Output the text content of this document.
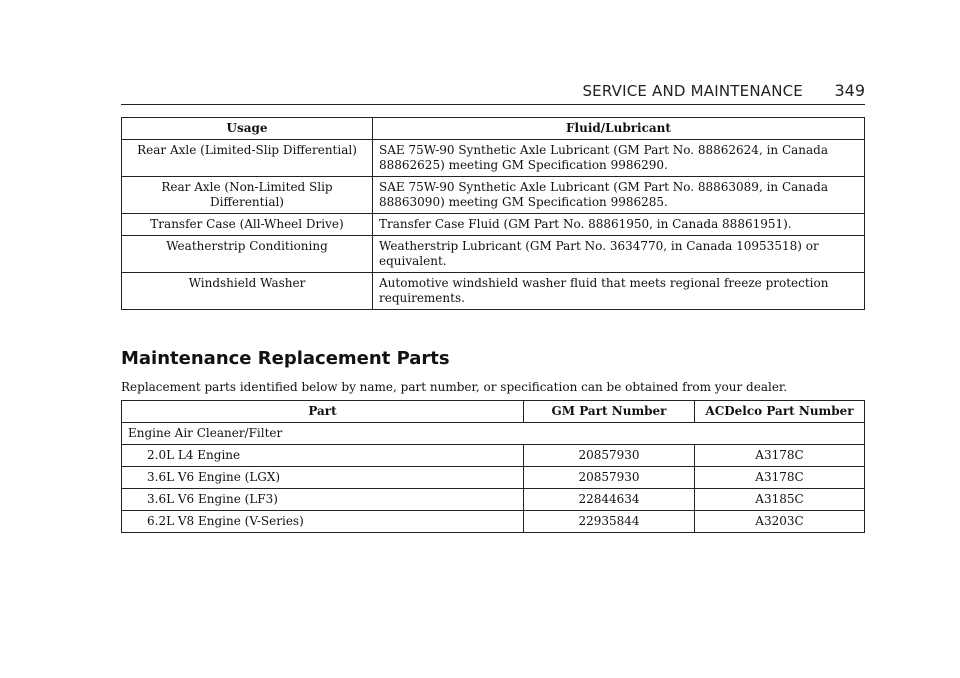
SERVICE AND MAINTENANCE 349
Usage	Fluid/Lubricant
Rear Axle (Limited-Slip Differential)	SAE 75W-90 Synthetic Axle Lubricant (GM Part No. 88862624, in Canada 88862625) meeting GM Specification 9986290.
Rear Axle (Non-Limited Slip Differential)	SAE 75W-90 Synthetic Axle Lubricant (GM Part No. 88863089, in Canada 88863090) meeting GM Specification 9986285.
Transfer Case (All-Wheel Drive)	Transfer Case Fluid (GM Part No. 88861950, in Canada 88861951).
Weatherstrip Conditioning	Weatherstrip Lubricant (GM Part No. 3634770, in Canada 10953518) or equivalent.
Windshield Washer	Automotive windshield washer fluid that meets regional freeze protection requirements.
Maintenance Replacement Parts

Replacement parts identified below by name, part number, or specification can be obtained from your dealer.

Part	GM Part Number	ACDelco Part Number
Engine Air Cleaner/Filter		
2.0L L4 Engine	20857930	A3178C
3.6L V6 Engine (LGX)	20857930	A3178C
3.6L V6 Engine (LF3)	22844634	A3185C
6.2L V8 Engine (V-Series)	22935844	A3203C
